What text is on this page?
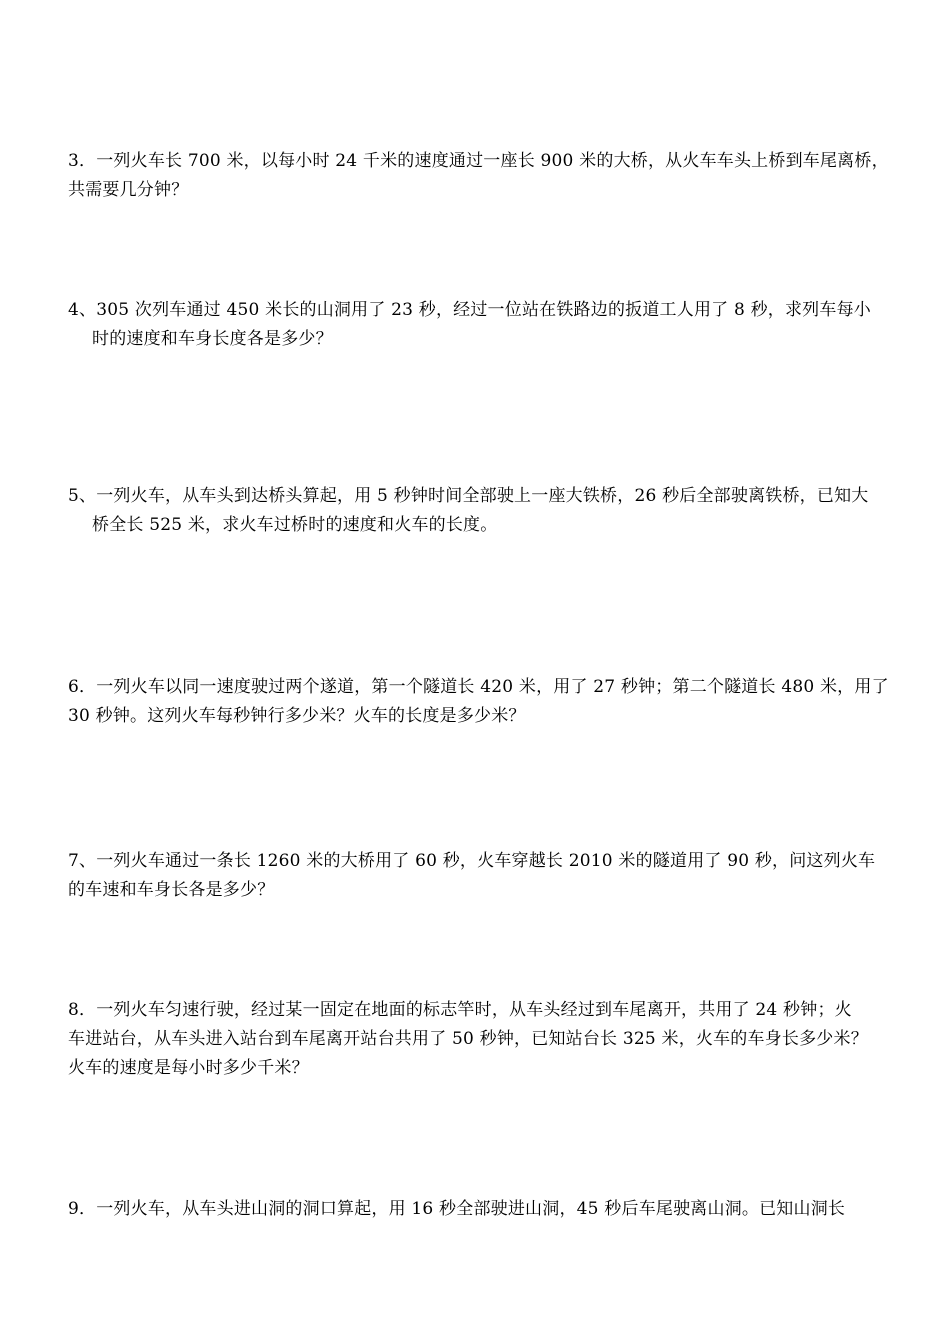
3．一列火车长 700 米，以每小时 24 千米的速度通过一座长 900 米的大桥，从火车车头上桥到车尾离桥，
共需要几分钟？

4、305 次列车通过 450 米长的山洞用了 23 秒，经过一位站在铁路边的扳道工人用了 8 秒，求列车每小
时的速度和车身长度各是多少？

5、一列火车，从车头到达桥头算起，用 5 秒钟时间全部驶上一座大铁桥，26 秒后全部驶离铁桥，已知大
桥全长 525 米，求火车过桥时的速度和火车的长度。

6．一列火车以同一速度驶过两个遂道，第一个隧道长 420 米，用了 27 秒钟；第二个隧道长 480 米，用了
30 秒钟。这列火车每秒钟行多少米？火车的长度是多少米？

7、一列火车通过一条长 1260 米的大桥用了 60 秒，火车穿越长 2010 米的隧道用了 90 秒，问这列火车
的车速和车身长各是多少？

8．一列火车匀速行驶，经过某一固定在地面的标志竿时，从车头经过到车尾离开，共用了 24 秒钟；火
车进站台，从车头进入站台到车尾离开站台共用了 50 秒钟，已知站台长 325 米，火车的车身长多少米？
火车的速度是每小时多少千米？

9．一列火车，从车头进山洞的洞口算起，用 16 秒全部驶进山洞，45 秒后车尾驶离山洞。已知山洞长
